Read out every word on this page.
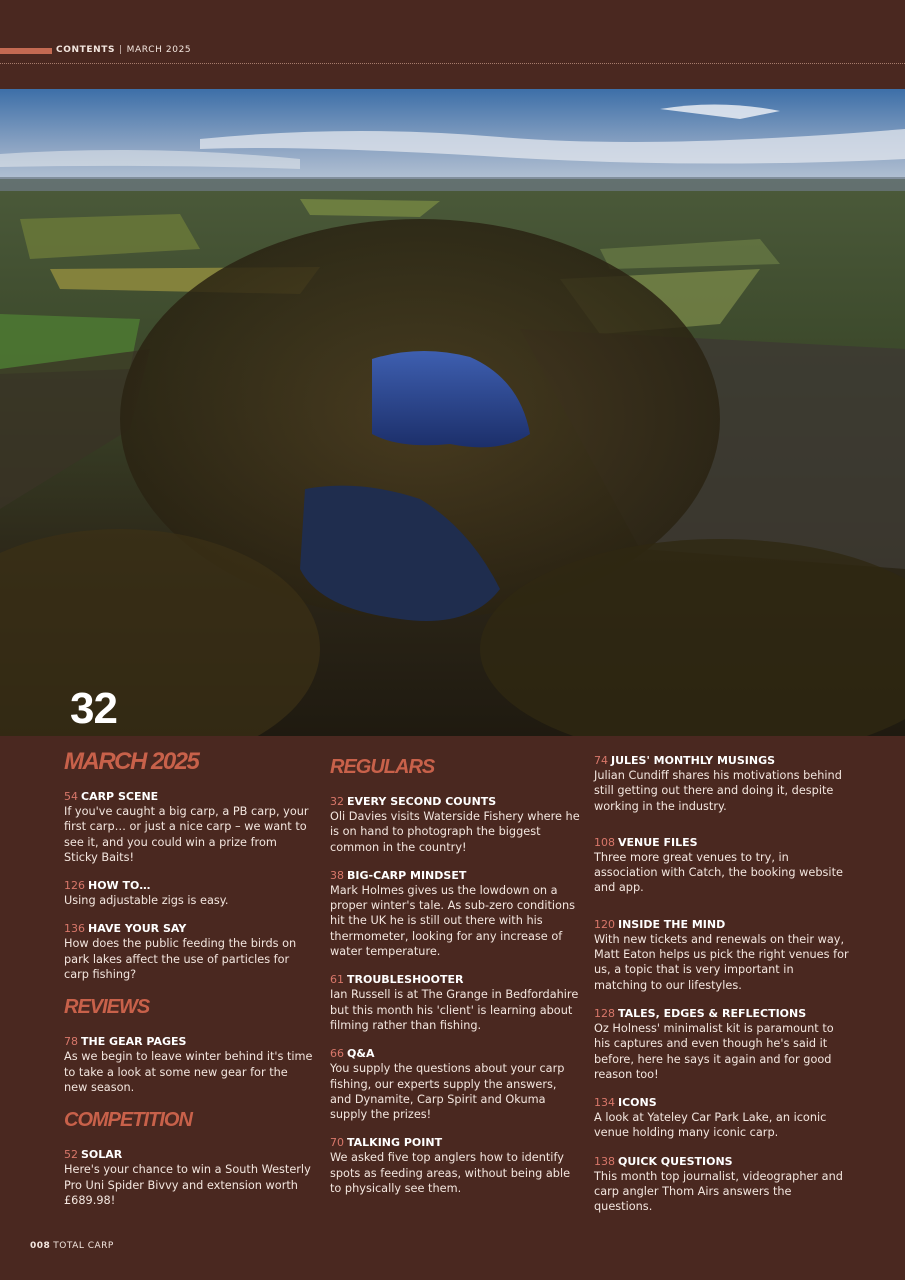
CONTENTS | MARCH 2025
32
MARCH 2025
54 CARP SCENE
If you've caught a big carp, a PB carp, your first carp… or just a nice carp – we want to see it, and you could win a prize from Sticky Baits!
126 HOW TO…
Using adjustable zigs is easy.
136 HAVE YOUR SAY
How does the public feeding the birds on park lakes affect the use of particles for carp fishing?
REVIEWS
78 THE GEAR PAGES
As we begin to leave winter behind it's time to take a look at some new gear for the new season.
COMPETITION
52 SOLAR
Here's your chance to win a South Westerly Pro Uni Spider Bivvy and extension worth £689.98!
REGULARS
32 EVERY SECOND COUNTS
Oli Davies visits Waterside Fishery where he is on hand to photograph the biggest common in the country!
38 BIG-CARP MINDSET
Mark Holmes gives us the lowdown on a proper winter's tale. As sub-zero conditions hit the UK he is still out there with his thermometer, looking for any increase of water temperature.
61 TROUBLESHOOTER
Ian Russell is at The Grange in Bedfordahire but this month his 'client' is learning about filming rather than fishing.
66 Q&A
You supply the questions about your carp fishing, our experts supply the answers, and Dynamite, Carp Spirit and Okuma supply the prizes!
70 TALKING POINT
We asked five top anglers how to identify spots as feeding areas, without being able to physically see them.
74 JULES' MONTHLY MUSINGS
Julian Cundiff shares his motivations behind still getting out there and doing it, despite working in the industry.
108 VENUE FILES
Three more great venues to try, in association with Catch, the booking website and app.
120 INSIDE THE MIND
With new tickets and renewals on their way, Matt Eaton helps us pick the right venues for us, a topic that is very important in matching to our lifestyles.
128 TALES, EDGES & REFLECTIONS
Oz Holness' minimalist kit is paramount to his captures and even though he's said it before, here he says it again and for good reason too!
134 ICONS
A look at Yateley Car Park Lake, an iconic venue holding many iconic carp.
138 QUICK QUESTIONS
This month top journalist, videographer and carp angler Thom Airs answers the questions.
008 TOTAL CARP
